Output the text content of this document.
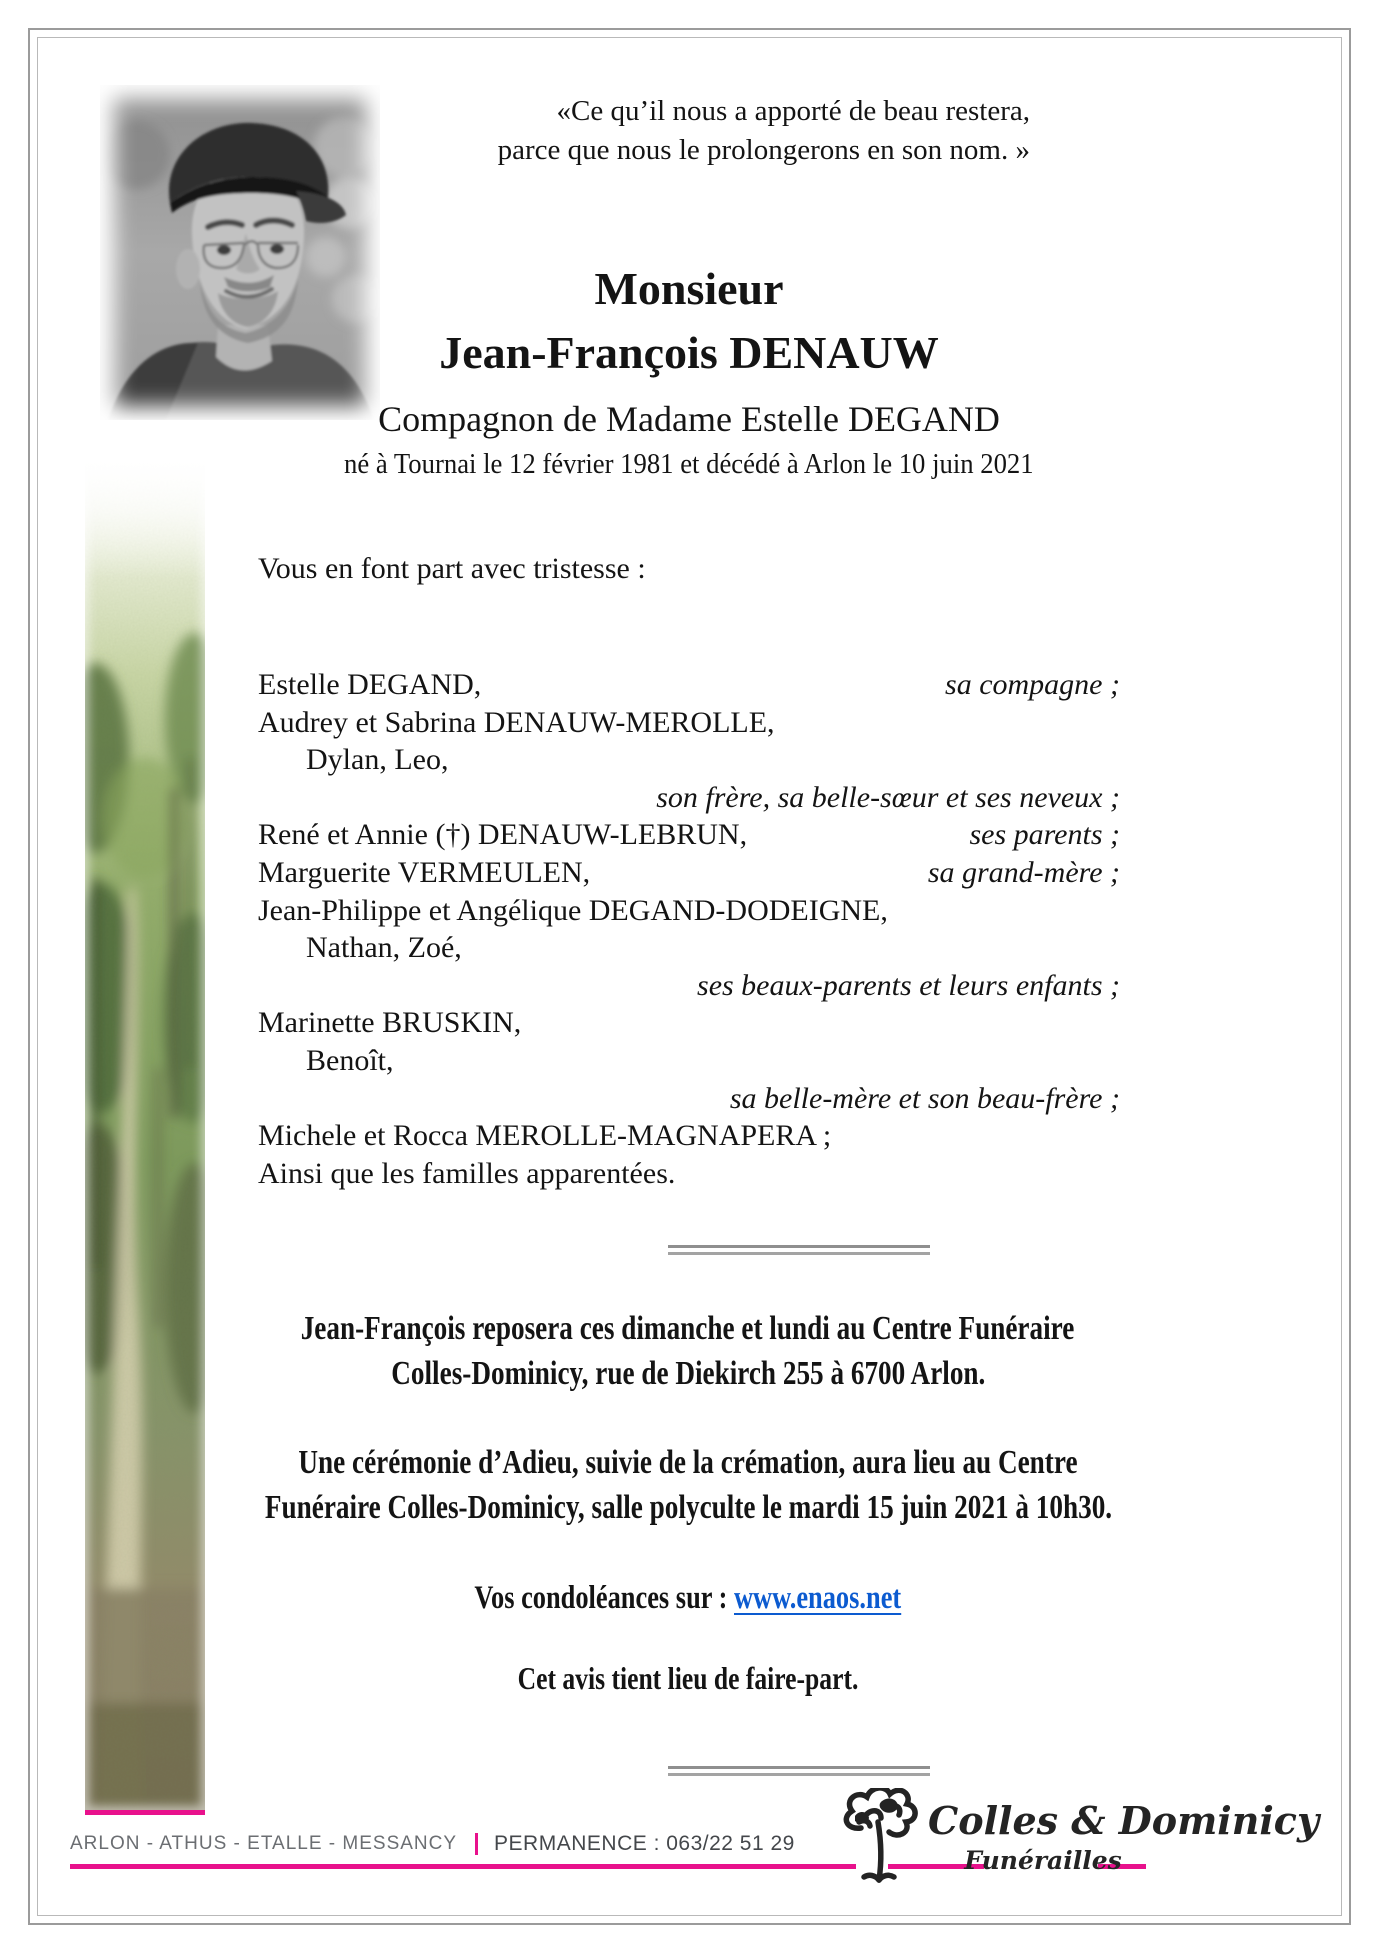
«Ce qu’il nous a apporté de beau restera,
parce que nous le prolongerons en son nom. »
Monsieur
Jean-François DENAUW
Compagnon de Madame Estelle DEGAND
né à Tournai le 12 février 1981 et décédé à Arlon le 10 juin 2021
Vous en font part avec tristesse :
Estelle DEGAND,	sa compagne ;
Audrey et Sabrina DENAUW-MEROLLE,
Dylan, Leo,
son frère, sa belle-sœur et ses neveux ;
René et Annie (†) DENAUW-LEBRUN,	ses parents ;
Marguerite VERMEULEN,	sa grand-mère ;
Jean-Philippe et Angélique DEGAND-DODEIGNE,
Nathan, Zoé,
ses beaux-parents et leurs enfants ;
Marinette BRUSKIN,
Benoît,
sa belle-mère et son beau-frère ;
Michele et Rocca MEROLLE-MAGNAPERA ;
Ainsi que les familles apparentées.
Jean-François reposera ces dimanche et lundi au Centre Funéraire
Colles-Dominicy, rue de Diekirch 255 à 6700 Arlon.
Une cérémonie d’Adieu, suivie de la crémation, aura lieu au Centre
Funéraire Colles-Dominicy, salle polyculte le mardi 15 juin 2021 à 10h30.
Vos condoléances sur : www.enaos.net
Cet avis tient lieu de faire-part.
ARLON - ATHUS - ETALLE - MESSANCY PERMANENCE : 063/22 51 29
Colles & Dominicy
Funérailles
